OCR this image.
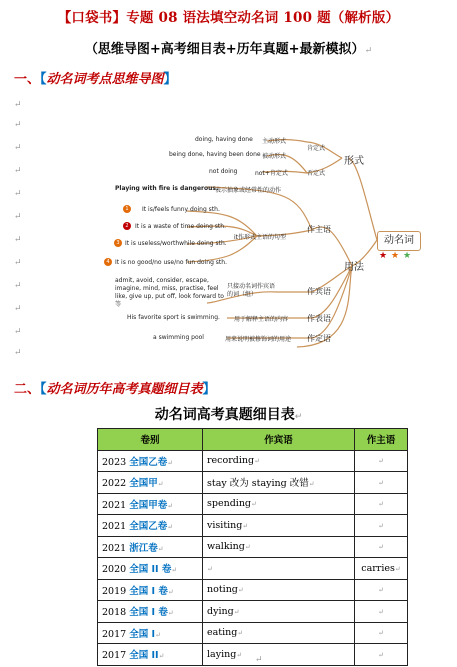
【口袋书】专题 08 语法填空动名词 100 题（解析版）
（思维导图+高考细目表+历年真题+最新模拟）↵
一、【动名词考点思维导图】
↵
↵
↵
↵
↵
↵
↵
↵
↵
↵
↵
↵
doing, having done 主动形式
肯定式
being done, having been done 被动形式
not doing	not+肯定式	否定式
形式
Playing with fire is dangerous.
表示抽象或经常性的动作
1	It is/feels funny doing sth.
2	It is a waste of time doing sth.
3 It is useless/worthwhile doing sth.
4 It is no good/no use/no fun doing sth.
it作形式主语的句型
作主语
用法
动名词
★ ★ ★
admit, avoid, consider, escape, imagine, mind, miss, practise, feel like, give up, put off, look forward to等
只接动名词作宾语的词（组）	作宾语
His favorite sport is swimming. 用于解释主语的内容 作表语
a swimming pool	用来说明被修饰词的用途 作定语
二、【动名词历年高考真题细目表】
动名词高考真题细目表↵
卷别	作宾语	作主语
2023 全国乙卷↵	recording↵	↵
2022 全国甲↵	stay 改为 staying 改错↵	↵
2021 全国甲卷↵	spending↵	↵
2021 全国乙卷↵	visiting↵	↵
2021 浙江卷↵	walking↵	↵
2020 全国 II 卷↵	↵	carries↵
2019 全国 I 卷↵	noting↵	↵
2018 全国 I 卷↵	dying↵	↵
2017 全国 I↵	eating↵	↵
2017 全国 II↵	laying↵	↵
↵
